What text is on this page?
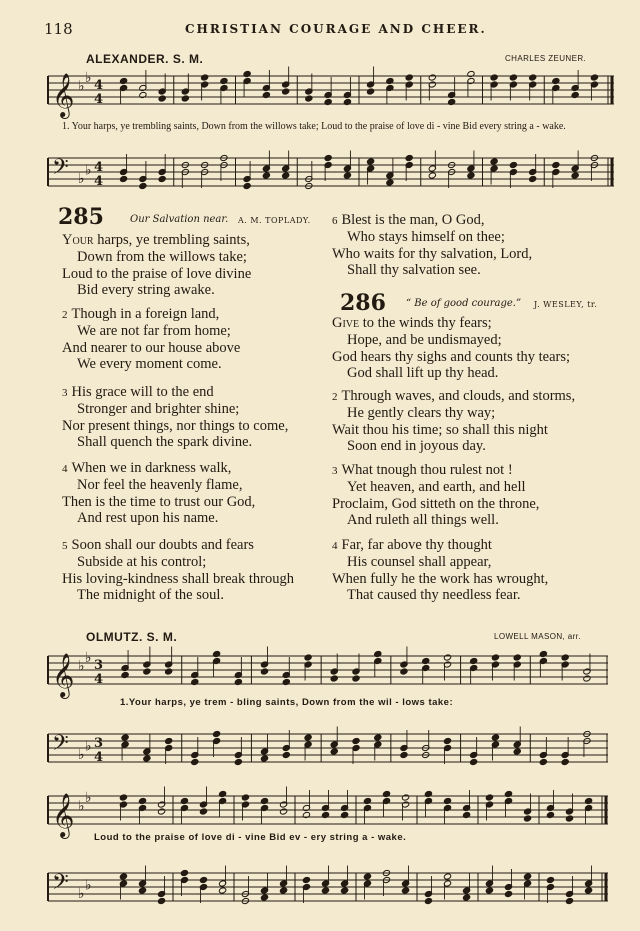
118	CHRISTIAN COURAGE AND CHEER.
ALEXANDER. S. M.	CHARLES ZEUNER.
𝄞 ♭
♭ 4
4
1. Your harps, ye trembling saints, Down from the willows take; Loud to the praise of love di - vine Bid every string a - wake.
𝄢 ♭
♭ 4
4
285	Our Salvation near. A. M. TOPLADY.
Your harps, ye trembling saints,
Down from the willows take;
Loud to the praise of love divine
Bid every string awake.
2 Though in a foreign land,
We are not far from home;
And nearer to our house above
We every moment come.
3 His grace will to the end
Stronger and brighter shine;
Nor present things, nor things to come,
Shall quench the spark divine.
4 When we in darkness walk,
Nor feel the heavenly flame,
Then is the time to trust our God,
And rest upon his name.
5 Soon shall our doubts and fears
Subside at his control;
His loving-kindness shall break through
The midnight of the soul.
6 Blest is the man, O God,
Who stays himself on thee;
Who waits for thy salvation, Lord,
Shall thy salvation see.
286 “ Be of good courage.” J. WESLEY, tr.
Give to the winds thy fears;
Hope, and be undismayed;
God hears thy sighs and counts thy tears;
God shall lift up thy head.
2 Through waves, and clouds, and storms,
He gently clears thy way;
Wait thou his time; so shall this night
Soon end in joyous day.
3 What tnough thou rulest not !
Yet heaven, and earth, and hell
Proclaim, God sitteth on the throne,
And ruleth all things well.
4 Far, far above thy thought
His counsel shall appear,
When fully he the work has wrought,
That caused thy needless fear.
OLMUTZ. S. M.	LOWELL MASON, arr.
𝄞 ♭
♭ 3
4
1.Your harps, ye trem - bling saints, Down from the wil - lows take:
𝄢 ♭
♭ 3
4
𝄞 ♭
♭
Loud to the praise of love di - vine Bid ev - ery string a - wake.
𝄢 ♭
♭
